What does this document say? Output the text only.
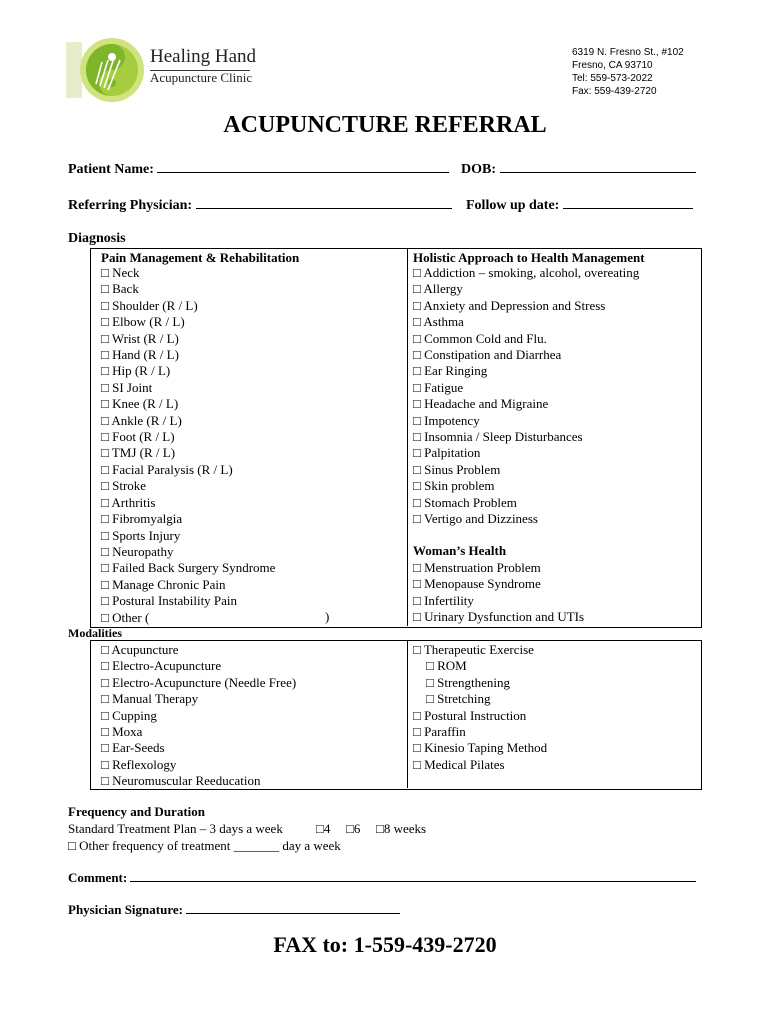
Healing Hand
Acupuncture Clinic
6319 N. Fresno St., #102
Fresno, CA 93710
Tel: 559-573-2022
Fax: 559-439-2720
ACUPUNCTURE REFERRAL
Patient Name:	DOB:
Referring Physician:	Follow up date:
Diagnosis
Pain Management & Rehabilitation
□ Neck
□ Back
□ Shoulder (R / L)
□ Elbow (R / L)
□ Wrist (R / L)
□ Hand (R / L)
□ Hip (R / L)
□ SI Joint
□ Knee (R / L)
□ Ankle (R / L)
□ Foot (R / L)
□ TMJ (R / L)
□ Facial Paralysis (R / L)
□ Stroke
□ Arthritis
□ Fibromyalgia
□ Sports Injury
□ Neuropathy
□ Failed Back Surgery Syndrome
□ Manage Chronic Pain
□ Postural Instability Pain
□ Other (	)
Holistic Approach to Health Management
□ Addiction – smoking, alcohol, overeating
□ Allergy
□ Anxiety and Depression and Stress
□ Asthma
□ Common Cold and Flu.
□ Constipation and Diarrhea
□ Ear Ringing
□ Fatigue
□ Headache and Migraine
□ Impotency
□ Insomnia / Sleep Disturbances
□ Palpitation
□ Sinus Problem
□ Skin problem
□ Stomach Problem
□ Vertigo and Dizziness
Woman’s Health
□ Menstruation Problem
□ Menopause Syndrome
□ Infertility
□ Urinary Dysfunction and UTIs
Modalities
□ Acupuncture
□ Electro-Acupuncture
□ Electro-Acupuncture (Needle Free)
□ Manual Therapy
□ Cupping
□ Moxa
□ Ear-Seeds
□ Reflexology
□ Neuromuscular Reeducation
□ Therapeutic Exercise
□ ROM
□ Strengthening
□ Stretching
□ Postural Instruction
□ Paraffin
□ Kinesio Taping Method
□ Medical Pilates
Frequency and Duration
Standard Treatment Plan – 3 days a week	□4 □6 □8 weeks
□ Other frequency of treatment _______ day a week
Comment:
Physician Signature:
FAX to: 1-559-439-2720
